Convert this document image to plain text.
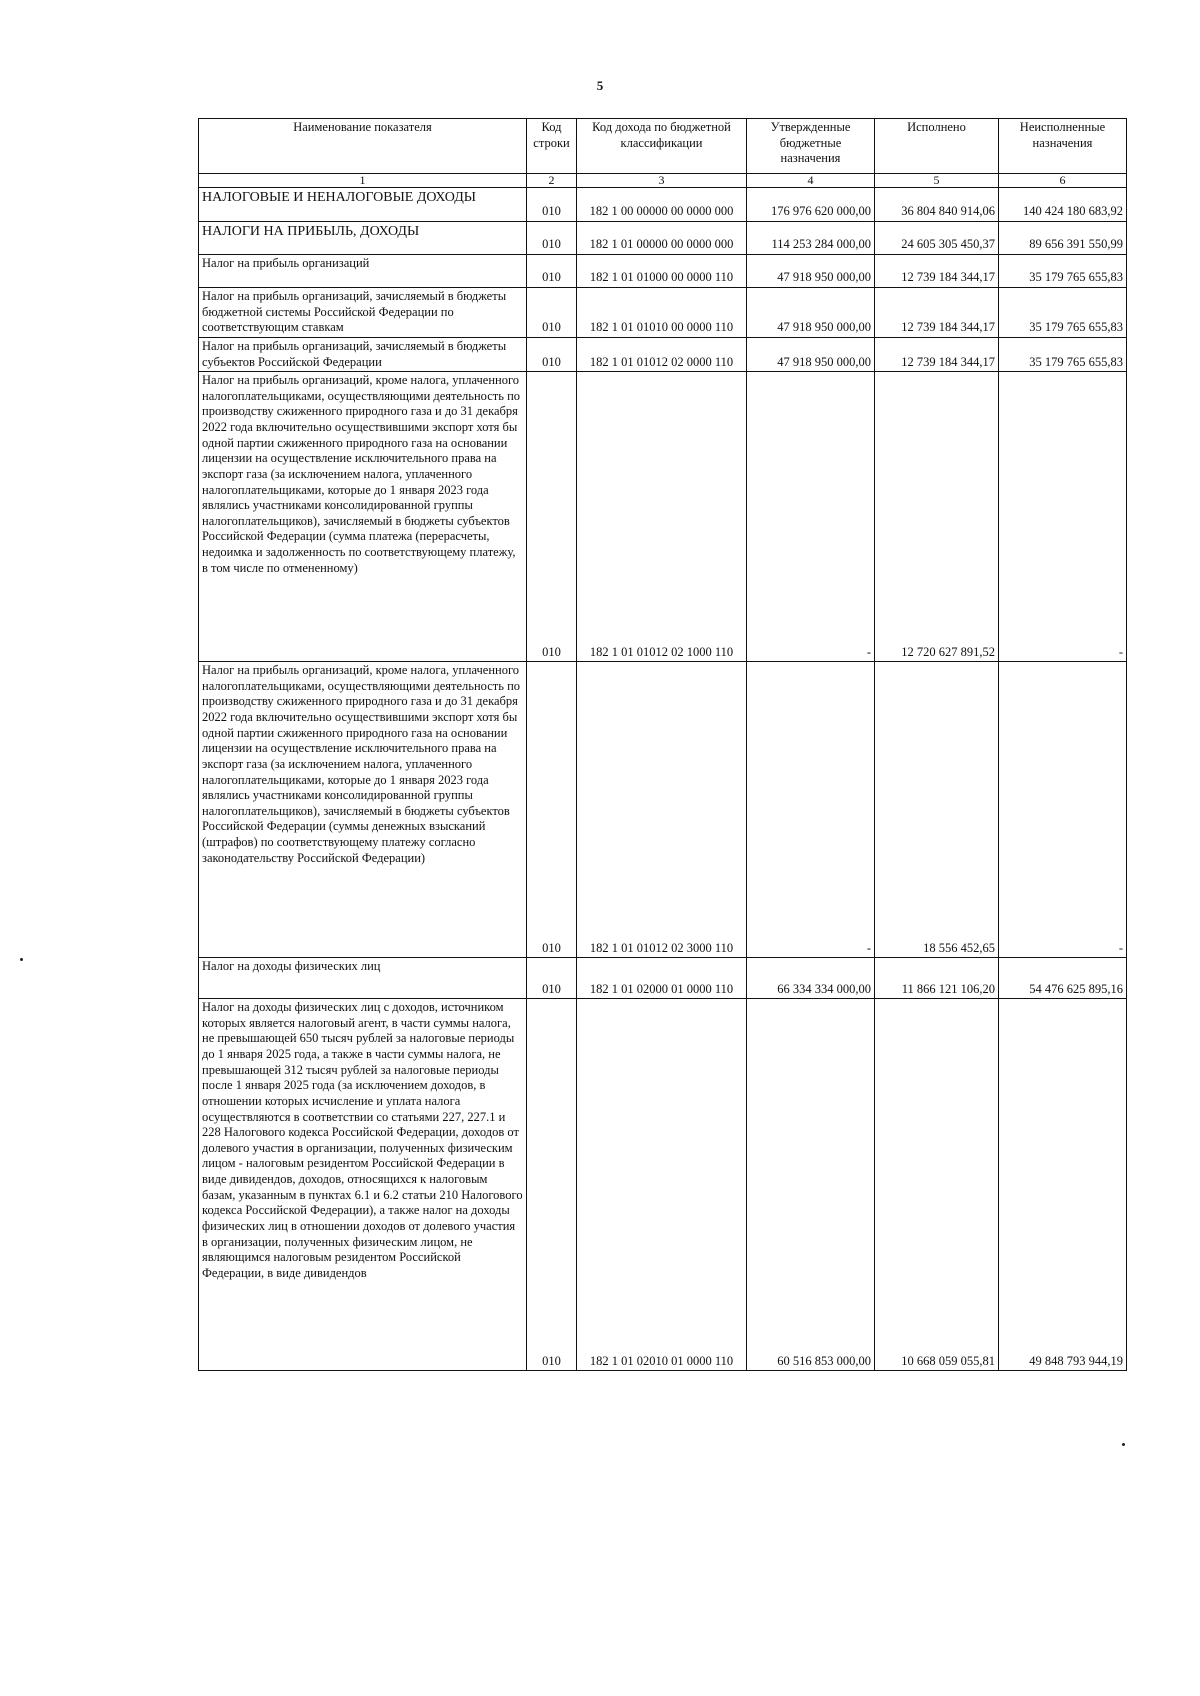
5
Наименование показателя	Код строки	Код дохода по бюджетной классификации	Утвержденные бюджетные назначения	Исполнено	Неисполненные назначения
1	2	3	4	5	6
НАЛОГОВЫЕ И НЕНАЛОГОВЫЕ ДОХОДЫ	010	182 1 00 00000 00 0000 000	176 976 620 000,00	36 804 840 914,06	140 424 180 683,92
НАЛОГИ НА ПРИБЫЛЬ, ДОХОДЫ	010	182 1 01 00000 00 0000 000	114 253 284 000,00	24 605 305 450,37	89 656 391 550,99
Налог на прибыль организаций	010	182 1 01 01000 00 0000 110	47 918 950 000,00	12 739 184 344,17	35 179 765 655,83
Налог на прибыль организаций, зачисляемый в бюджеты бюджетной системы Российской Федерации по соответствующим ставкам	010	182 1 01 01010 00 0000 110	47 918 950 000,00	12 739 184 344,17	35 179 765 655,83
Налог на прибыль организаций, зачисляемый в бюджеты субъектов Российской Федерации	010	182 1 01 01012 02 0000 110	47 918 950 000,00	12 739 184 344,17	35 179 765 655,83
Налог на прибыль организаций, кроме налога, уплаченного налогоплательщиками, осуществляющими деятельность по производству сжиженного природного газа и до 31 декабря 2022 года включительно осуществившими экспорт хотя бы одной партии сжиженного природного газа на основании лицензии на осуществление исключительного права на экспорт газа (за исключением налога, уплаченного налогоплательщиками, которые до 1 января 2023 года являлись участниками консолидированной группы налогоплательщиков), зачисляемый в бюджеты субъектов Российской Федерации (сумма платежа (перерасчеты, недоимка и задолженность по соответствующему платежу, в том числе по отмененному)	010	182 1 01 01012 02 1000 110	-	12 720 627 891,52	-
Налог на прибыль организаций, кроме налога, уплаченного налогоплательщиками, осуществляющими деятельность по производству сжиженного природного газа и до 31 декабря 2022 года включительно осуществившими экспорт хотя бы одной партии сжиженного природного газа на основании лицензии на осуществление исключительного права на экспорт газа (за исключением налога, уплаченного налогоплательщиками, которые до 1 января 2023 года являлись участниками консолидированной группы налогоплательщиков), зачисляемый в бюджеты субъектов Российской Федерации (суммы денежных взысканий (штрафов) по соответствующему платежу согласно законодательству Российской Федерации)	010	182 1 01 01012 02 3000 110	-	18 556 452,65	-
Налог на доходы физических лиц	010	182 1 01 02000 01 0000 110	66 334 334 000,00	11 866 121 106,20	54 476 625 895,16
Налог на доходы физических лиц с доходов, источником которых является налоговый агент, в части суммы налога, не превышающей 650 тысяч рублей за налоговые периоды до 1 января 2025 года, а также в части суммы налога, не превышающей 312 тысяч рублей за налоговые периоды после 1 января 2025 года (за исключением доходов, в отношении которых исчисление и уплата налога осуществляются в соответствии со статьями 227, 227.1 и 228 Налогового кодекса Российской Федерации, доходов от долевого участия в организации, полученных физическим лицом - налоговым резидентом Российской Федерации в виде дивидендов, доходов, относящихся к налоговым базам, указанным в пунктах 6.1 и 6.2 статьи 210 Налогового кодекса Российской Федерации), а также налог на доходы физических лиц в отношении доходов от долевого участия в организации, полученных физическим лицом, не являющимся налоговым резидентом Российской Федерации, в виде дивидендов	010	182 1 01 02010 01 0000 110	60 516 853 000,00	10 668 059 055,81	49 848 793 944,19
